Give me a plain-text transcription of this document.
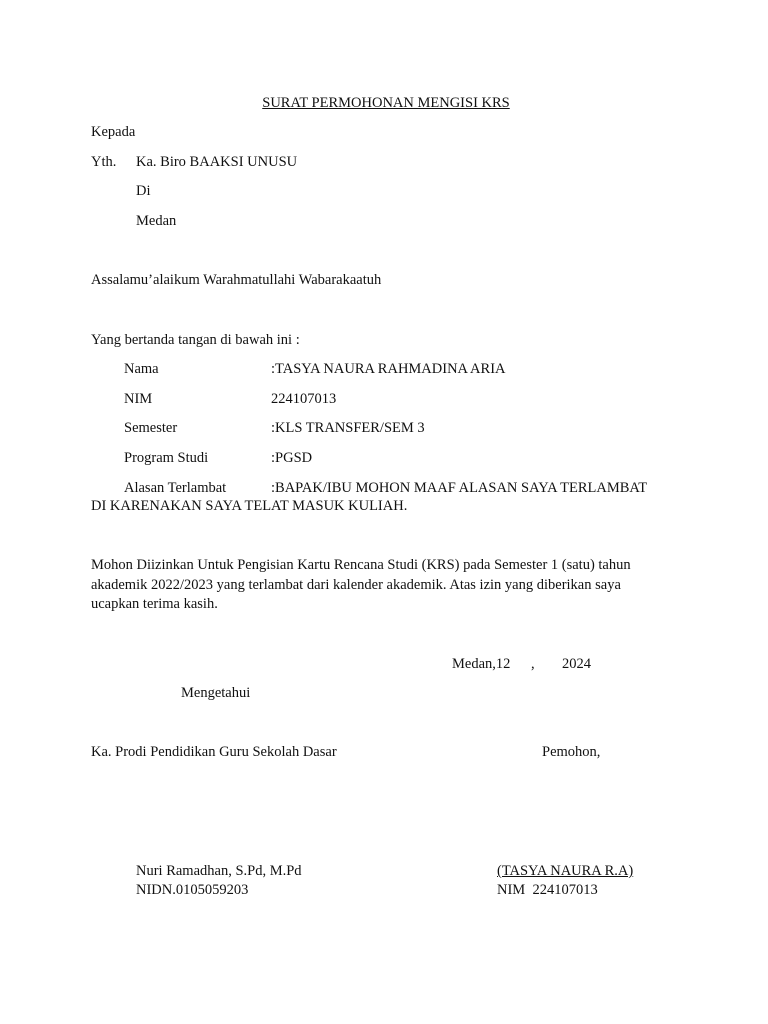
SURAT PERMOHONAN MENGISI KRS
Kepada
Yth. Ka. Biro BAAKSI UNUSU
Di
Medan
Assalamu’alaikum Warahmatullahi Wabarakaatuh
Yang bertanda tangan di bawah ini :
Nama	:TASYA NAURA RAHMADINA ARIA
NIM	224107013
Semester	:KLS TRANSFER/SEM 3
Program Studi	:PGSD
Alasan Terlambat	:BAPAK/IBU MOHON MAAF ALASAN SAYA TERLAMBAT
DI KARENAKAN SAYA TELAT MASUK KULIAH.
Mohon Diizinkan Untuk Pengisian Kartu Rencana Studi (KRS) pada Semester 1 (satu) tahun
akademik 2022/2023 yang terlambat dari kalender akademik. Atas izin yang diberikan saya
ucapkan terima kasih.
Medan,12 , 2024
Mengetahui
Ka. Prodi Pendidikan Guru Sekolah Dasar	Pemohon,
Nuri Ramadhan, S.Pd, M.Pd	(TASYA NAURA R.A)
NIDN.0105059203	NIM  224107013
